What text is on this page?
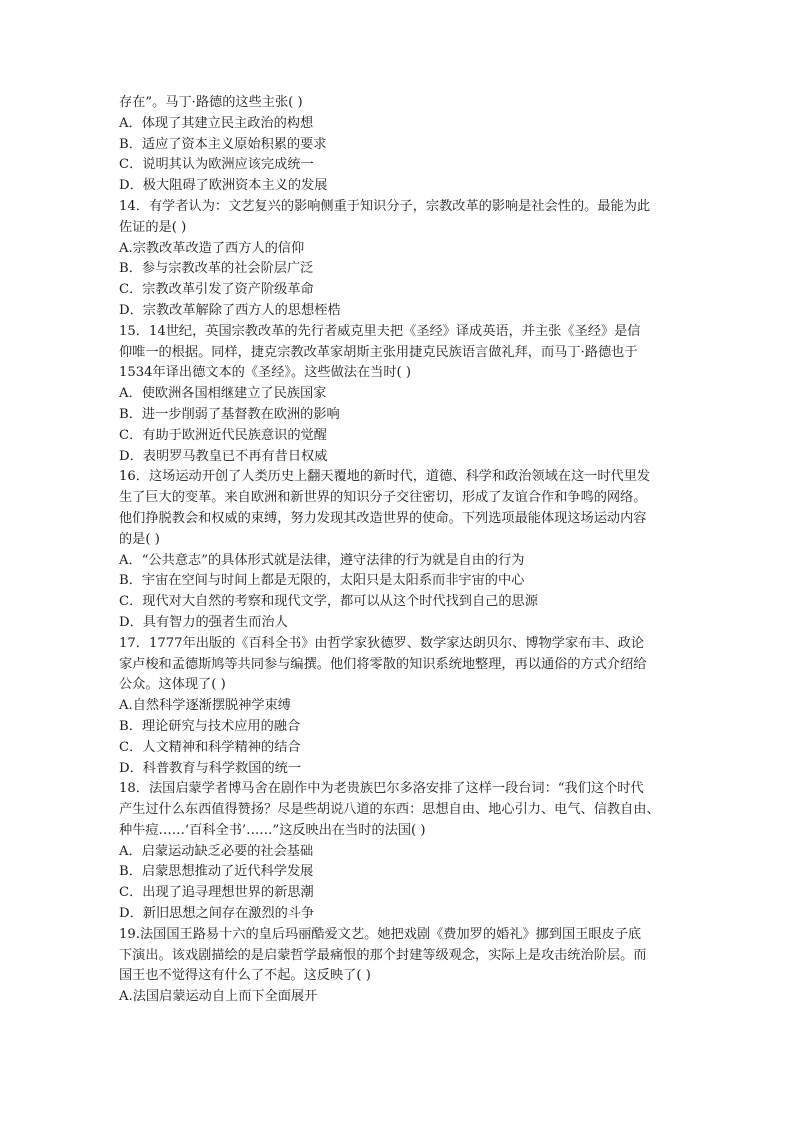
存在”。马丁·路德的这些主张( )
A．体现了其建立民主政治的构想
B．适应了资本主义原始积累的要求
C．说明其认为欧洲应该完成统一
D．极大阻碍了欧洲资本主义的发展
14．有学者认为：文艺复兴的影响侧重于知识分子，宗教改革的影响是社会性的。最能为此
佐证的是( )
A.宗教改革改造了西方人的信仰
B．参与宗教改革的社会阶层广泛
C．宗教改革引发了资产阶级革命
D．宗教改革解除了西方人的思想桎梏
15．14世纪，英国宗教改革的先行者威克里夫把《圣经》译成英语，并主张《圣经》是信
仰唯一的根据。同样，捷克宗教改革家胡斯主张用捷克民族语言做礼拜，而马丁·路德也于
1534年译出德文本的《圣经》。这些做法在当时( )
A．使欧洲各国相继建立了民族国家
B．进一步削弱了基督教在欧洲的影响
C．有助于欧洲近代民族意识的觉醒
D．表明罗马教皇已不再有昔日权威
16．这场运动开创了人类历史上翻天覆地的新时代，道德、科学和政治领域在这一时代里发
生了巨大的变革。来自欧洲和新世界的知识分子交往密切，形成了友谊合作和争鸣的网络。
他们挣脱教会和权威的束缚，努力发现其改造世界的使命。下列选项最能体现这场运动内容
的是( )
A．“公共意志”的具体形式就是法律，遵守法律的行为就是自由的行为
B．宇宙在空间与时间上都是无限的，太阳只是太阳系而非宇宙的中心
C．现代对大自然的考察和现代文学，都可以从这个时代找到自己的思源
D．具有智力的强者生而治人
17．1777年出版的《百科全书》由哲学家狄德罗、数学家达朗贝尔、博物学家布丰、政论
家卢梭和孟德斯鸠等共同参与编撰。他们将零散的知识系统地整理，再以通俗的方式介绍给
公众。这体现了( )
A.自然科学逐渐摆脱神学束缚
B．理论研究与技术应用的融合
C．人文精神和科学精神的结合
D．科普教育与科学救国的统一
18．法国启蒙学者博马舍在剧作中为老贵族巴尔多洛安排了这样一段台词：“我们这个时代
产生过什么东西值得赞扬？尽是些胡说八道的东西：思想自由、地心引力、电气、信教自由、
种牛痘……‘百科全书’……”这反映出在当时的法国( )
A．启蒙运动缺乏必要的社会基础
B．启蒙思想推动了近代科学发展
C．出现了追寻理想世界的新思潮
D．新旧思想之间存在激烈的斗争
19.法国国王路易十六的皇后玛丽酷爱文艺。她把戏剧《费加罗的婚礼》挪到国王眼皮子底
下演出。该戏剧描绘的是启蒙哲学最痛恨的那个封建等级观念，实际上是攻击统治阶层。而
国王也不觉得这有什么了不起。这反映了( )
A.法国启蒙运动自上而下全面展开
